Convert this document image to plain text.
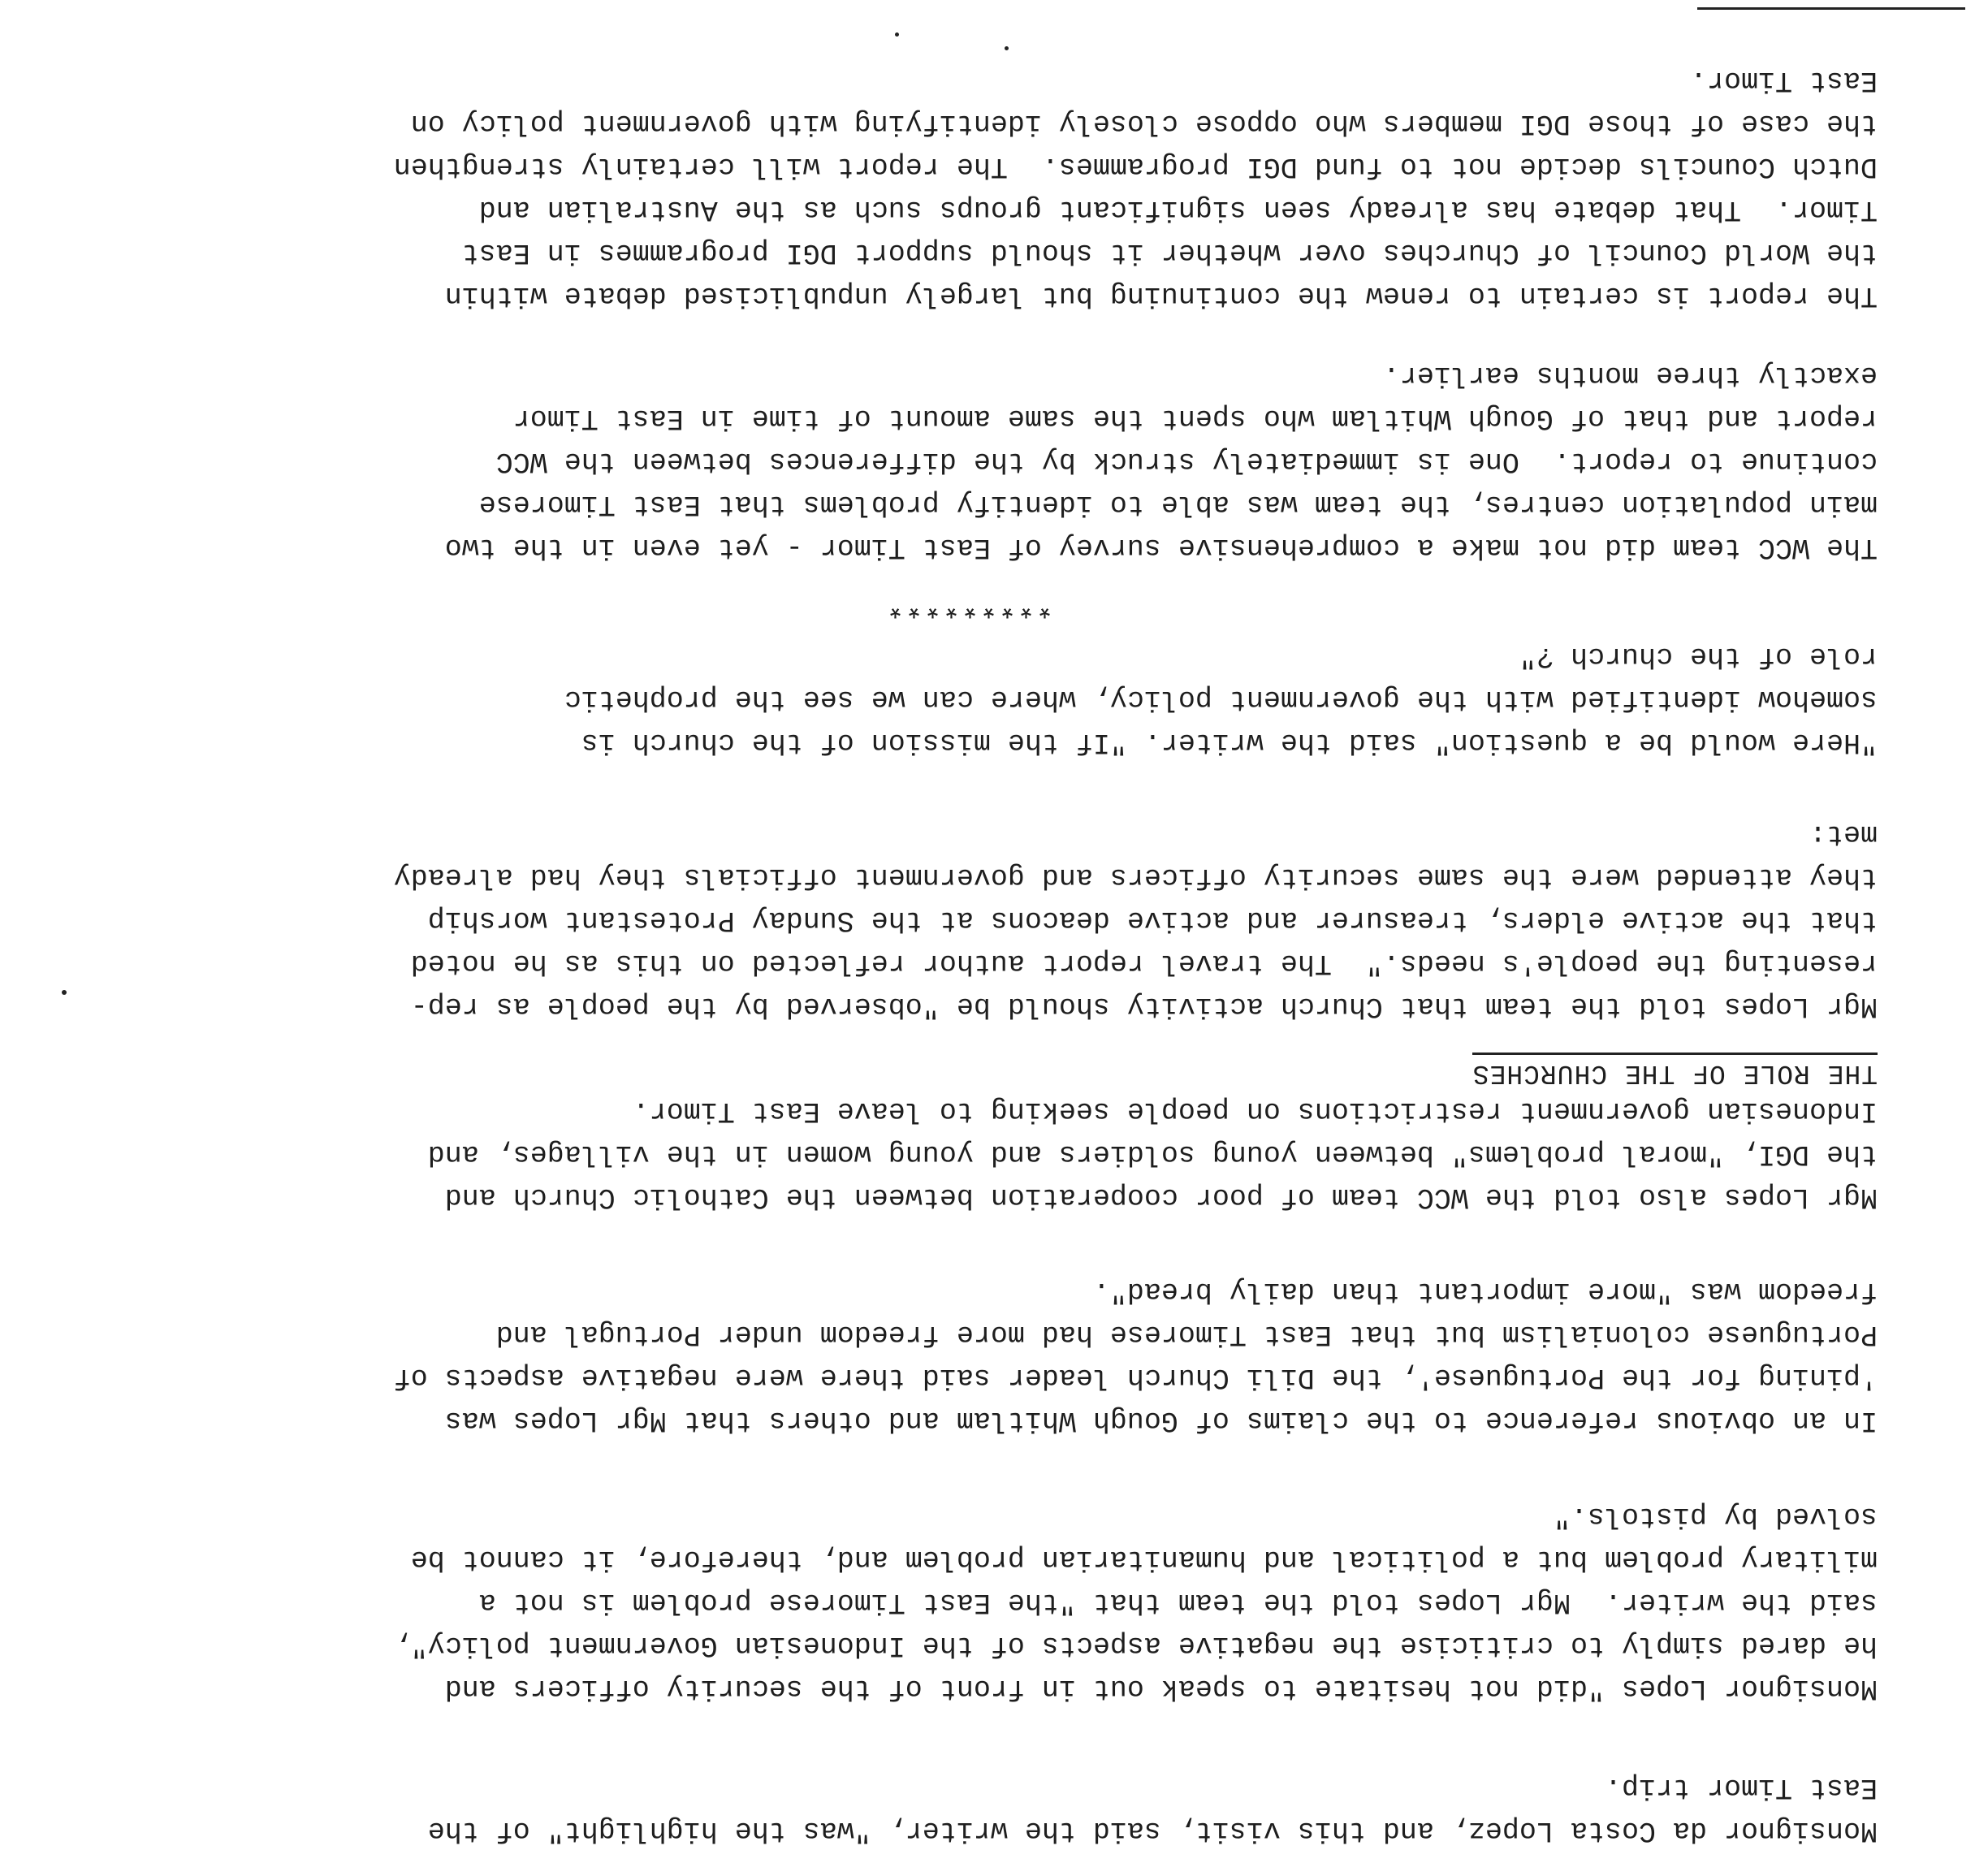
Monsignor da Costa Lopez, and this visit, said the writer, "was the highlight" of the
East Timor trip.
Monsignor Lopes "did not hesitate to speak out in front of the security officers and
he dared simply to criticise the negative aspects of the Indonesian Government policy",
said the writer.  Mgr Lopes told the team that "the East Timorese problem is not a
military problem but a political and humanitarian problem and, therefore, it cannot be
solved by pistols."
In an obvious reference to the claims of Gough Whitlam and others that Mgr Lopes was
'pining for the Portuguese', the Dili Church leader said there were negative aspects of
Portuguese colonialism but that East Timorese had more freedom under Portugal and
freedom was "more important than daily bread".
Mgr Lopes also told the WCC team of poor cooperation between the Catholic Church and
the DGI, "moral problems" between young soldiers and young women in the villages, and
Indonesian government restrictions on people seeking to leave East Timor.
Mgr Lopes told the team that Church activity should be "observed by the people as rep-
resenting the people's needs."  The travel report author reflected on this as he noted
that the active elders, treasurer and active deacons at the Sunday Protestant worship
they attended were the same security officers and government officials they had already
met:
"Here would be a question" said the writer. "If the mission of the church is
somehow identified with the government policy, where can we see the prophetic
role of the church ?"
The WCC team did not make a comprehensive survey of East Timor - yet even in the two
main population centres, the team was able to identify problems that East Timorese
continue to report.  One is immediately struck by the differences between the WCC
report and that of Gough Whitlam who spent the same amount of time in East Timor
exactly three months earlier.
The report is certain to renew the continuing but largely unpublicised debate within
the World Council of Churches over whether it should support DGI programmes in East
Timor.  That debate has already seen significant groups such as the Australian and
Dutch Councils decide not to fund DGI programmes.  The report will certainly strengthen
the case of those DGI members who oppose closely identifying with government policy on
East Timor.
THE ROLE OF THE CHURCHES
*********
